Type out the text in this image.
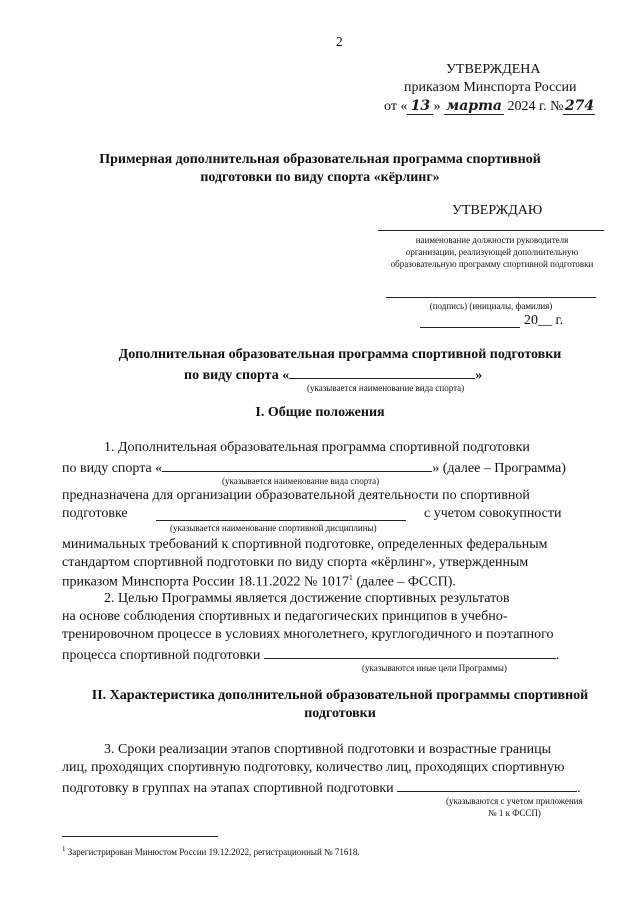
2
УТВЕРЖДЕНА
приказом Минспорта России
от « 13 » марта 2024 г. №274
Примерная дополнительная образовательная программа спортивной
подготовки по виду спорта «кёрлинг»
УТВЕРЖДАЮ
наименование должности руководителя
организации, реализующей дополнительную
образовательную программу спортивной подготовки
(подпись) (инициалы, фамилия)
20__ г.
Дополнительная образовательная программа спортивной подготовки
по виду спорта «	»
(указывается наименование вида спорта)
I. Общие положения
1. Дополнительная образовательная программа спортивной подготовки
по виду спорта «	» (далее – Программа)
(указывается наименование вида спорта)
предназначена для организации образовательной деятельности по спортивной
подготовке	с учетом совокупности
(указывается наименование спортивной дисциплины)
минимальных требований к спортивной подготовке, определенных федеральным
стандартом спортивной подготовки по виду спорта «кёрлинг», утвержденным
приказом Минспорта России 18.11.2022 № 1017$^1$ (далее – ФССП).
2. Целью Программы является достижение спортивных результатов
на основе соблюдения спортивных и педагогических принципов в учебно-
тренировочном процессе в условиях многолетнего, круглогодичного и поэтапного
процесса спортивной подготовки	.
(указываются иные цели Программы)
II. Характеристика дополнительной образовательной программы спортивной
подготовки
3. Сроки реализации этапов спортивной подготовки и возрастные границы
лиц, проходящих спортивную подготовку, количество лиц, проходящих спортивную
подготовку в группах на этапах спортивной подготовки	.
(указываются с учетом приложения
№ 1 к ФССП)
$^1$ Зарегистрирован Минюстом России 19.12.2022, регистрационный № 71618.
